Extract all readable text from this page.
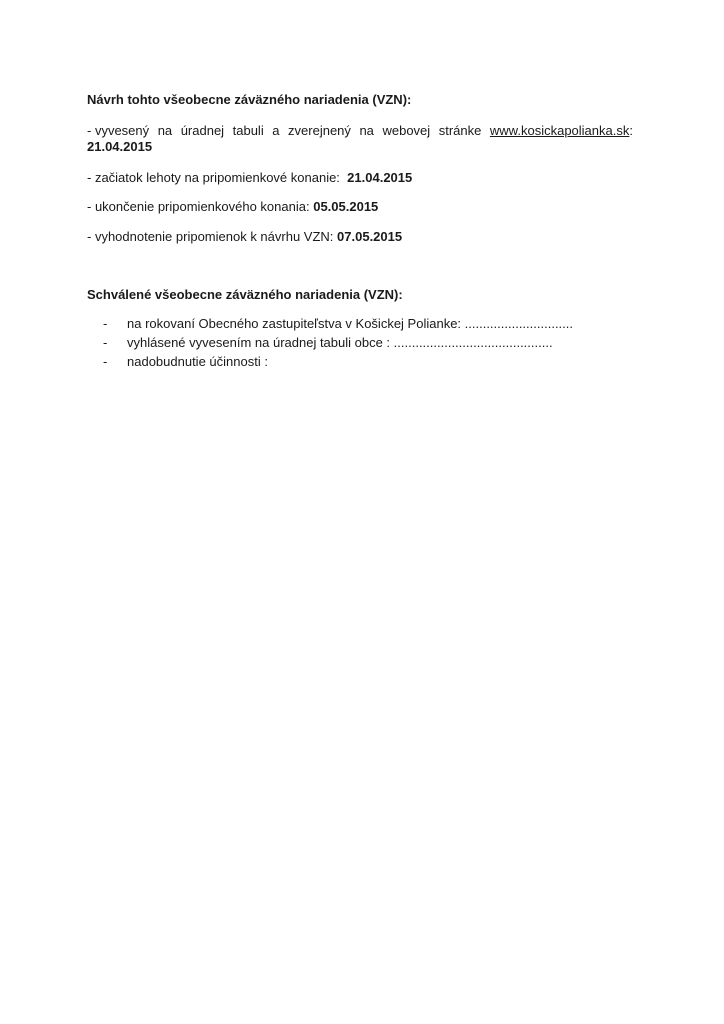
Návrh tohto všeobecne záväzného nariadenia (VZN):
- vyvesený na úradnej tabuli a zverejnený na webovej stránke www.kosickapolianka.sk:
21.04.2015
- začiatok lehoty na pripomienkové konanie: 21.04.2015
- ukončenie pripomienkového konania: 05.05.2015
- vyhodnotenie pripomienok k návrhu VZN: 07.05.2015
Schválené všeobecne záväzného nariadenia (VZN):
- na rokovaní Obecného zastupiteľstva v Košickej Polianke: ..............................
- vyhlásené vyvesením na úradnej tabuli obce : ............................................
- nadobudnutie účinnosti :
